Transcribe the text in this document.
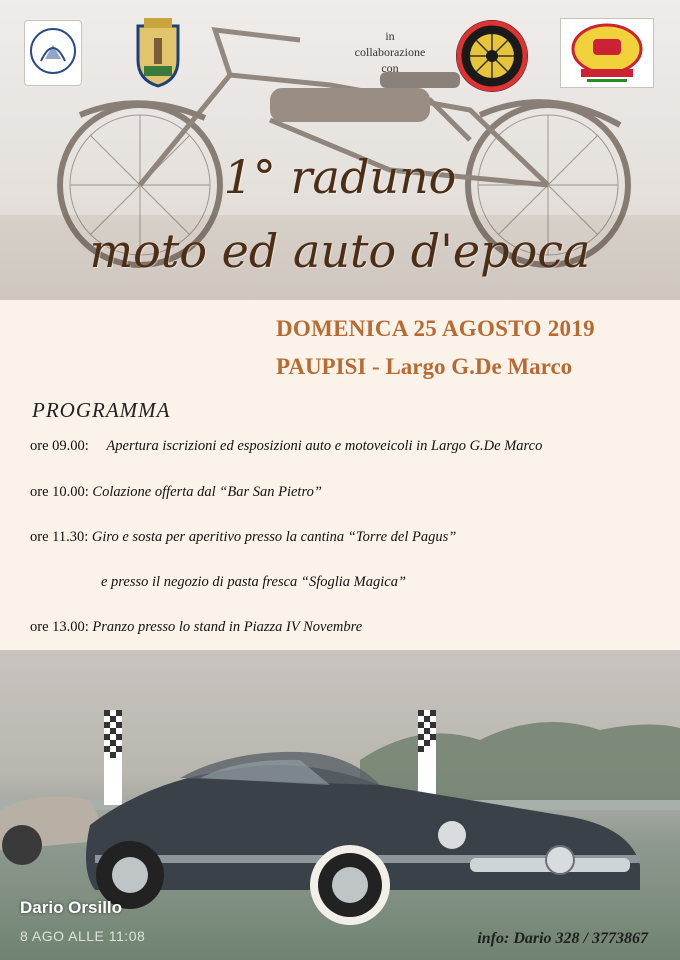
in
collaborazione
con
1° raduno
moto ed auto d'epoca
DOMENICA 25 AGOSTO 2019
PAUPISI - Largo G.De Marco
PROGRAMMA
ore 09.00: Apertura iscrizioni ed esposizioni auto e motoveicoli in Largo G.De Marco
ore 10.00: Colazione offerta dal “Bar San Pietro”
ore 11.30: Giro e sosta per aperitivo presso la cantina “Torre del Pagus”
e presso il negozio di pasta fresca “Sfoglia Magica”
ore 13.00: Pranzo presso lo stand in Piazza IV Novembre
Dario Orsillo
8 AGO ALLE 11:08	info: Dario 328 / 3773867
